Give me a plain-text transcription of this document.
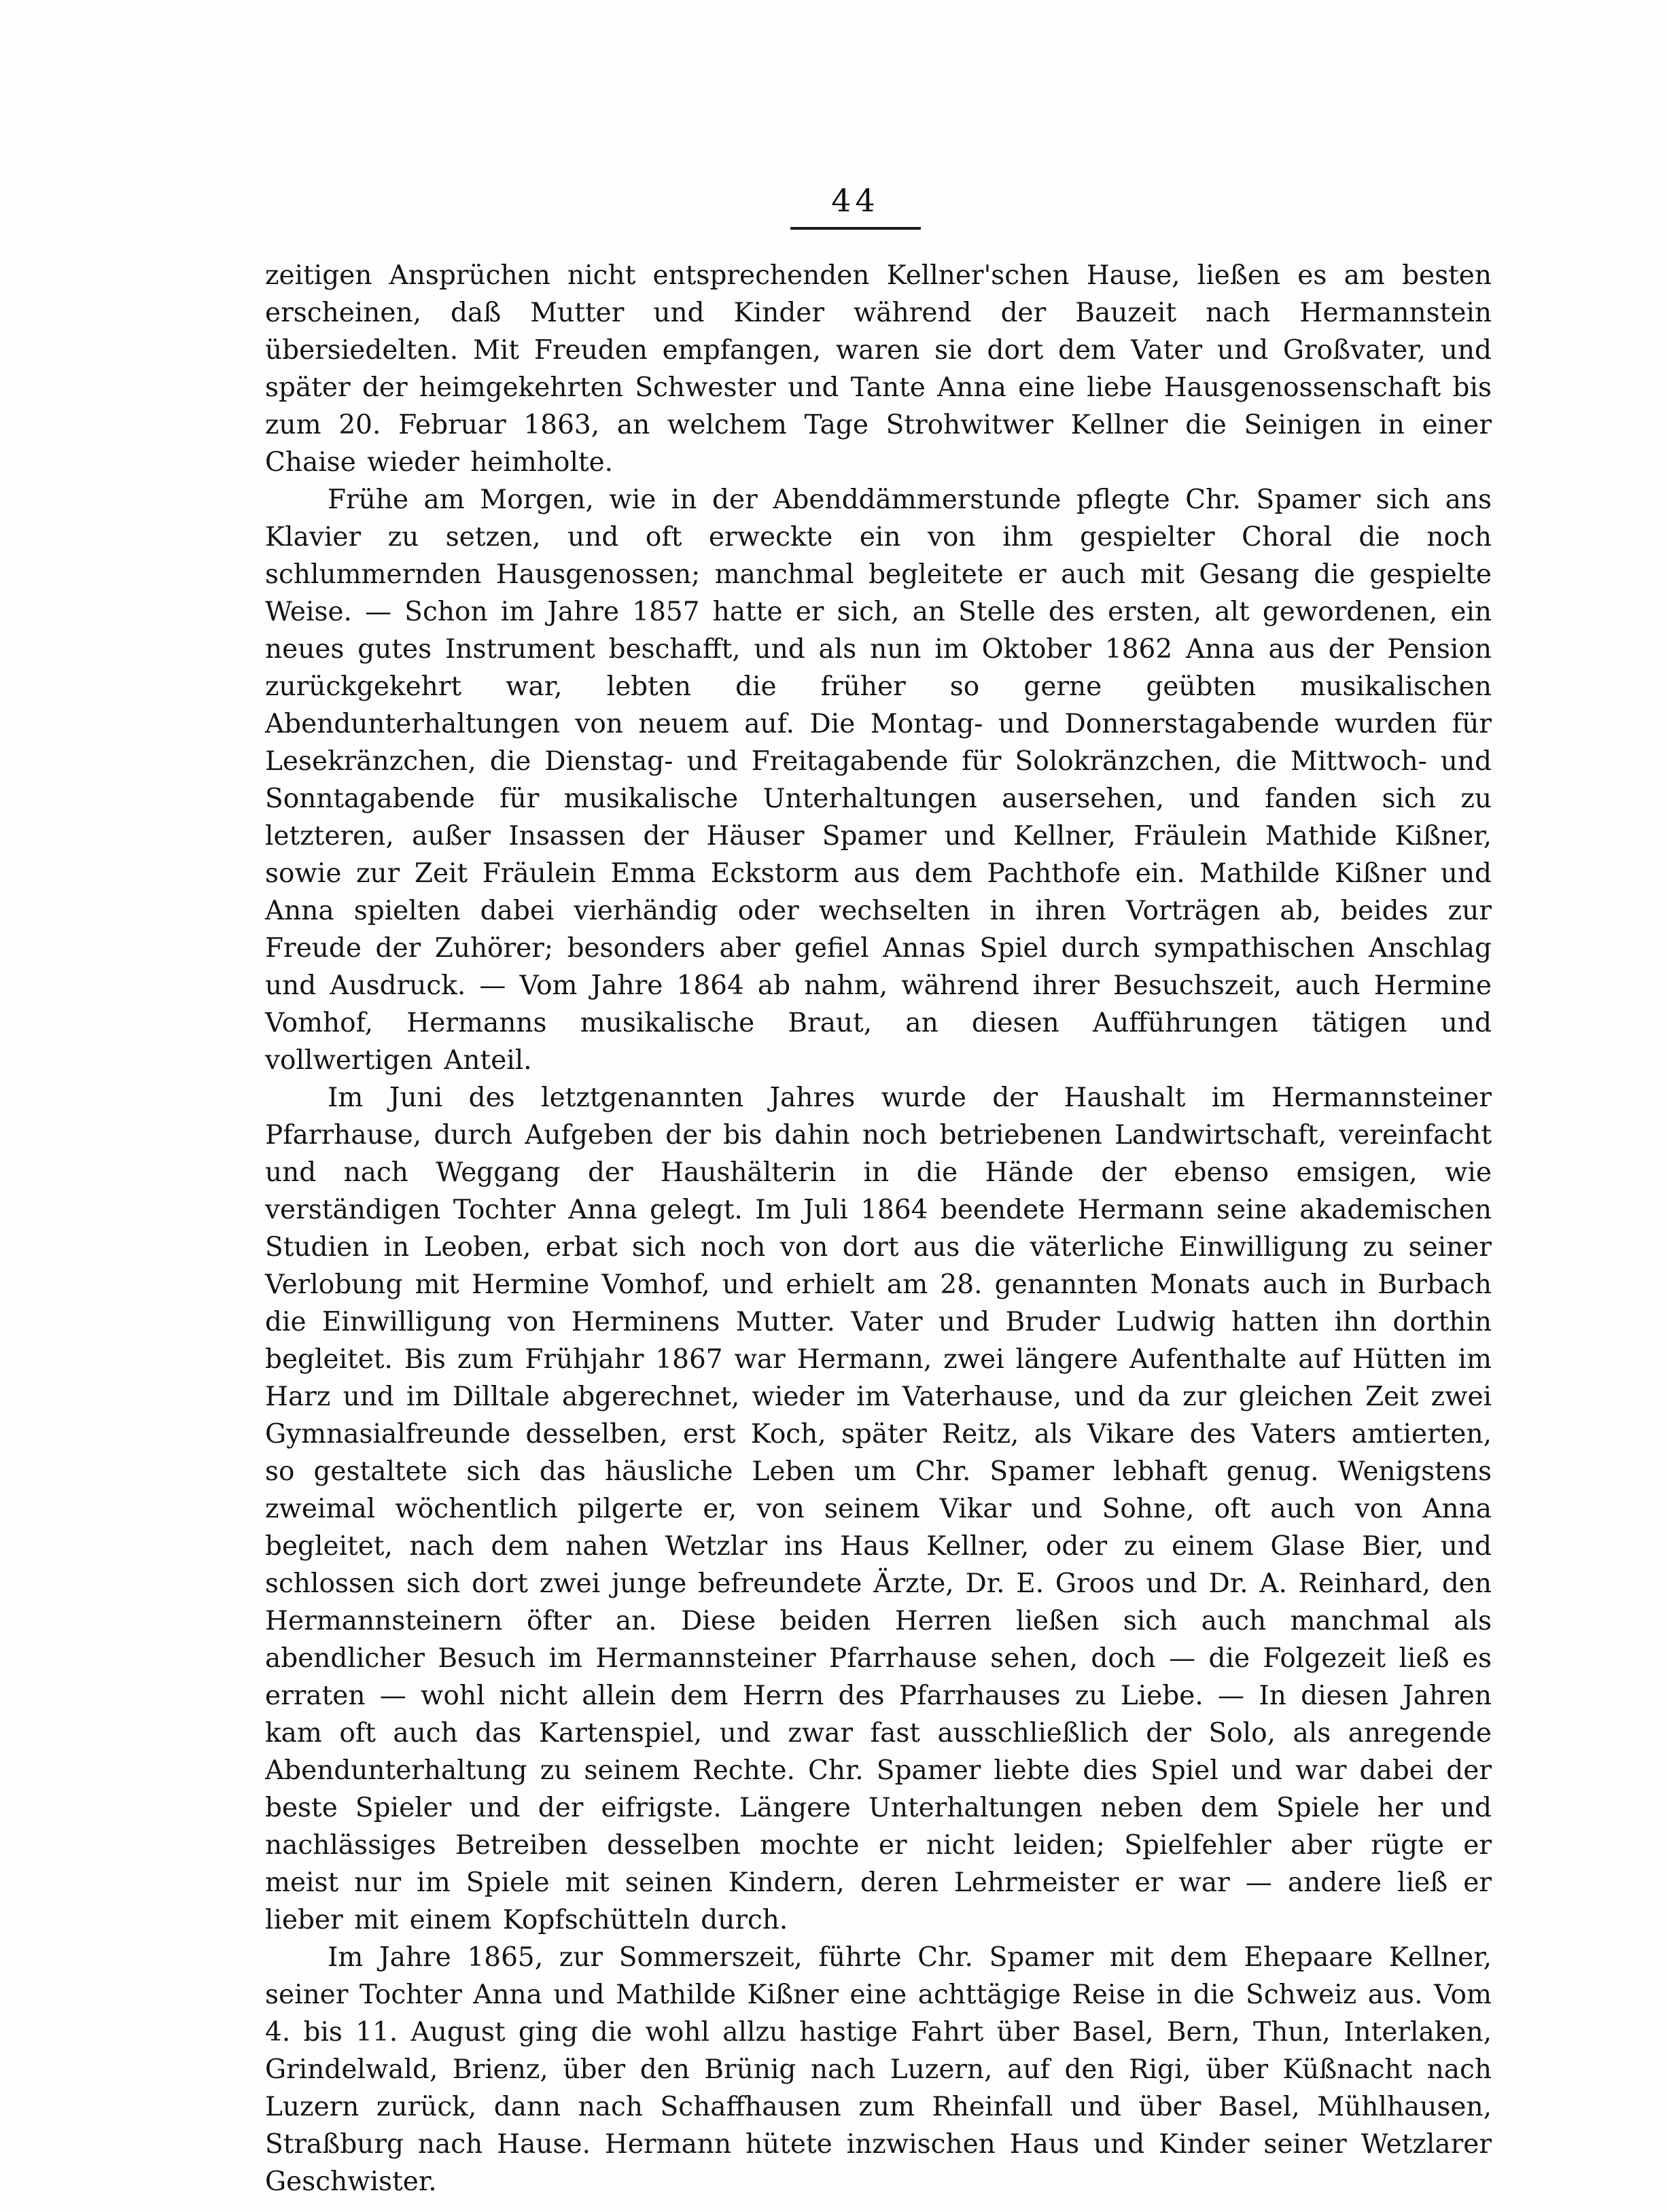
44

zeitigen Ansprüchen nicht entsprechenden Kellner'schen Hause, ließen es am besten erscheinen, daß Mutter und Kinder während der Bauzeit nach Hermannstein übersiedelten. Mit Freuden empfangen, waren sie dort dem Vater und Großvater, und später der heimgekehrten Schwester und Tante Anna eine liebe Hausgenossenschaft bis zum 20. Februar 1863, an welchem Tage Strohwitwer Kellner die Seinigen in einer Chaise wieder heimholte.

Frühe am Morgen, wie in der Abenddämmerstunde pflegte Chr. Spamer sich ans Klavier zu setzen, und oft erweckte ein von ihm gespielter Choral die noch schlummernden Hausgenossen; manchmal begleitete er auch mit Gesang die gespielte Weise. — Schon im Jahre 1857 hatte er sich, an Stelle des ersten, alt gewordenen, ein neues gutes Instrument beschafft, und als nun im Oktober 1862 Anna aus der Pension zurückgekehrt war, lebten die früher so gerne geübten musikalischen Abendunterhaltungen von neuem auf. Die Montag- und Donnerstagabende wurden für Lesekränzchen, die Dienstag- und Freitagabende für Solokränzchen, die Mittwoch- und Sonntagabende für musikalische Unterhaltungen ausersehen, und fanden sich zu letzteren, außer Insassen der Häuser Spamer und Kellner, Fräulein Mathide Kißner, sowie zur Zeit Fräulein Emma Eckstorm aus dem Pachthofe ein. Mathilde Kißner und Anna spielten dabei vierhändig oder wechselten in ihren Vorträgen ab, beides zur Freude der Zuhörer; besonders aber gefiel Annas Spiel durch sympathischen Anschlag und Ausdruck. — Vom Jahre 1864 ab nahm, während ihrer Besuchszeit, auch Hermine Vomhof, Hermanns musikalische Braut, an diesen Aufführungen tätigen und vollwertigen Anteil.

Im Juni des letztgenannten Jahres wurde der Haushalt im Hermannsteiner Pfarrhause, durch Aufgeben der bis dahin noch betriebenen Landwirtschaft, vereinfacht und nach Weggang der Haushälterin in die Hände der ebenso emsigen, wie verständigen Tochter Anna gelegt. Im Juli 1864 beendete Hermann seine akademischen Studien in Leoben, erbat sich noch von dort aus die väterliche Einwilligung zu seiner Verlobung mit Hermine Vomhof, und erhielt am 28. genannten Monats auch in Burbach die Einwilligung von Herminens Mutter. Vater und Bruder Ludwig hatten ihn dorthin begleitet. Bis zum Frühjahr 1867 war Hermann, zwei längere Aufenthalte auf Hütten im Harz und im Dilltale abgerechnet, wieder im Vaterhause, und da zur gleichen Zeit zwei Gymnasialfreunde desselben, erst Koch, später Reitz, als Vikare des Vaters amtierten, so gestaltete sich das häusliche Leben um Chr. Spamer lebhaft genug. Wenigstens zweimal wöchentlich pilgerte er, von seinem Vikar und Sohne, oft auch von Anna begleitet, nach dem nahen Wetzlar ins Haus Kellner, oder zu einem Glase Bier, und schlossen sich dort zwei junge befreundete Ärzte, Dr. E. Groos und Dr. A. Reinhard, den Hermannsteinern öfter an. Diese beiden Herren ließen sich auch manchmal als abendlicher Besuch im Hermannsteiner Pfarrhause sehen, doch — die Folgezeit ließ es erraten — wohl nicht allein dem Herrn des Pfarrhauses zu Liebe. — In diesen Jahren kam oft auch das Kartenspiel, und zwar fast ausschließlich der Solo, als anregende Abendunterhaltung zu seinem Rechte. Chr. Spamer liebte dies Spiel und war dabei der beste Spieler und der eifrigste. Längere Unterhaltungen neben dem Spiele her und nachlässiges Betreiben desselben mochte er nicht leiden; Spielfehler aber rügte er meist nur im Spiele mit seinen Kindern, deren Lehrmeister er war — andere ließ er lieber mit einem Kopfschütteln durch.

Im Jahre 1865, zur Sommerszeit, führte Chr. Spamer mit dem Ehepaare Kellner, seiner Tochter Anna und Mathilde Kißner eine achttägige Reise in die Schweiz aus. Vom 4. bis 11. August ging die wohl allzu hastige Fahrt über Basel, Bern, Thun, Interlaken, Grindelwald, Brienz, über den Brünig nach Luzern, auf den Rigi, über Küßnacht nach Luzern zurück, dann nach Schaffhausen zum Rheinfall und über Basel, Mühlhausen, Straßburg nach Hause. Hermann hütete inzwischen Haus und Kinder seiner Wetzlarer Geschwister.
